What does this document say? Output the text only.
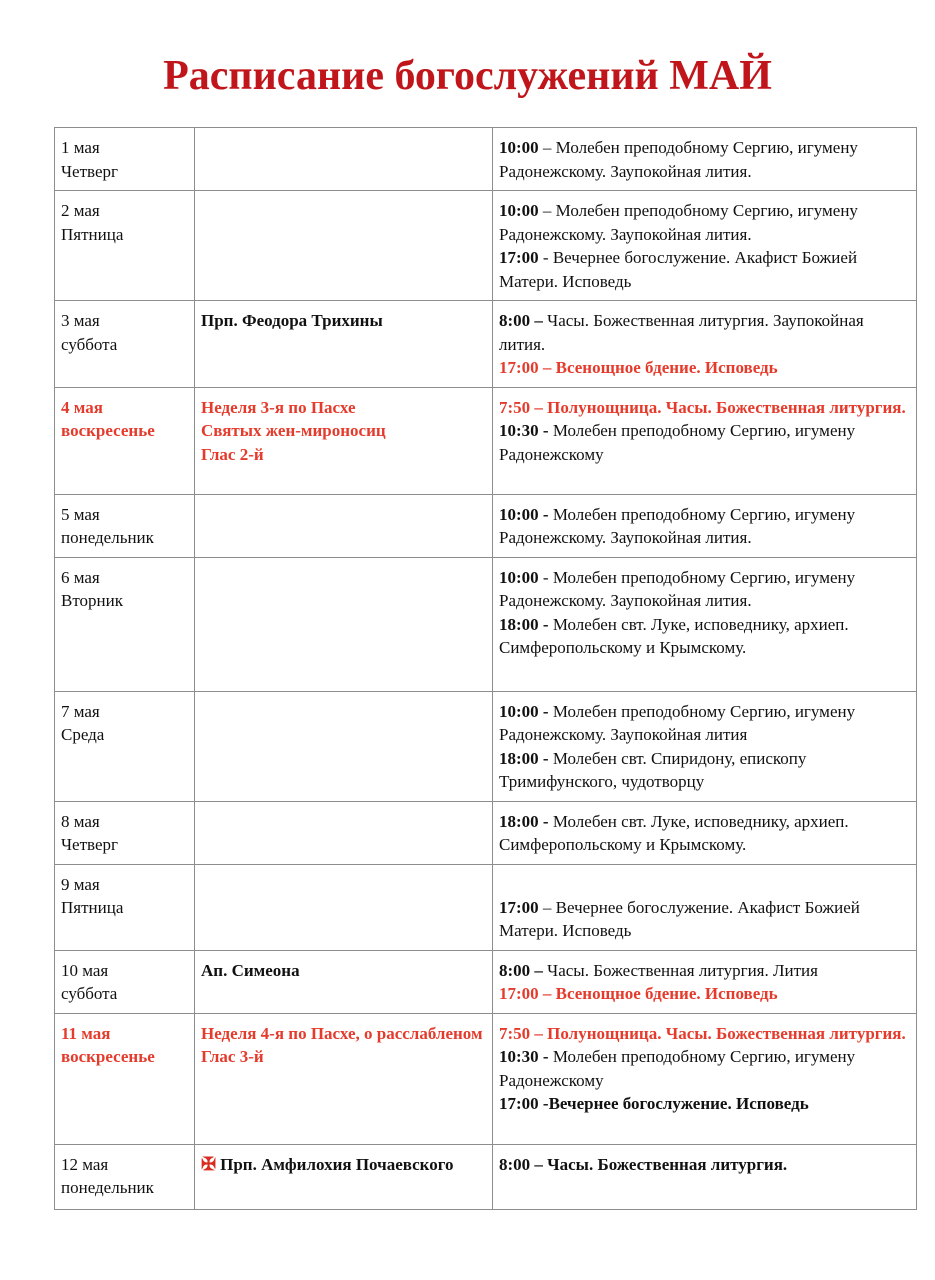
Расписание богослужений МАЙ
1 мая
Четверг		10:00 – Молебен преподобному Сергию, игумену Радонежскому. Заупокойная лития.

2 мая
Пятница		10:00 – Молебен преподобному Сергию, игумену Радонежскому. Заупокойная лития.
17:00 - Вечернее богослужение. Акафист Божией Матери. Исповедь

3 мая
суббота	Прп. Феодора Трихины	8:00 – Часы. Божественная литургия. Заупокойная лития.
17:00 – Всенощное бдение. Исповедь

4 мая
воскресенье	Неделя 3-я по Пасхе
Святых жен-мироносиц
Глас 2-й	7:50 – Полунощница. Часы. Божественная литургия.
10:30 - Молебен преподобному Сергию, игумену Радонежскому

5 мая
понедельник		10:00 - Молебен преподобному Сергию, игумену Радонежскому. Заупокойная лития.

6 мая
Вторник		10:00 - Молебен преподобному Сергию, игумену Радонежскому. Заупокойная лития.
18:00 - Молебен свт. Луке, исповеднику, архиеп. Симферопольскому и Крымскому.

7 мая
Среда		10:00 - Молебен преподобному Сергию, игумену Радонежскому. Заупокойная лития
18:00 - Молебен свт. Спиридону, епископу Тримифунского, чудотворцу

8 мая
Четверг		18:00 - Молебен свт. Луке, исповеднику, архиеп. Симферопольскому и Крымскому.

9 мая
Пятница		17:00 – Вечернее богослужение. Акафист Божией Матери. Исповедь

10 мая
суббота	Ап. Симеона	8:00 – Часы. Божественная литургия. Лития
17:00 – Всенощное бдение. Исповедь

11 мая
воскресенье	Неделя 4-я по Пасхе, о расслабленом
Глас 3-й	7:50 – Полунощница. Часы. Божественная литургия.
10:30 - Молебен преподобному Сергию, игумену Радонежскому
17:00 -Вечернее богослужение. Исповедь

12 мая
понедельник	✠ Прп. Амфилохия Почаевского	8:00 – Часы. Божественная литургия.
